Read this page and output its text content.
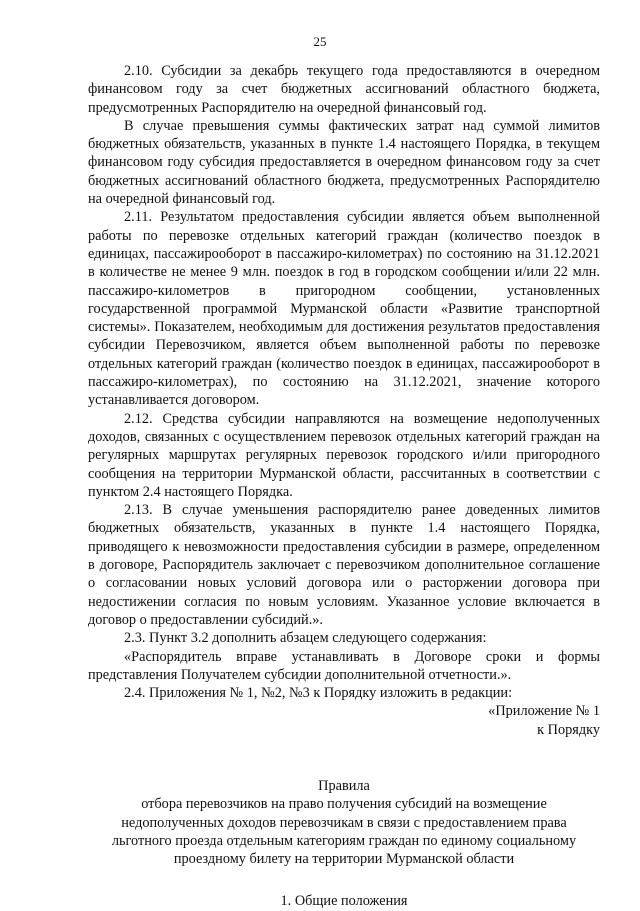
25

2.10. Субсидии за декабрь текущего года предоставляются в очередном финансовом году за счет бюджетных ассигнований областного бюджета, предусмотренных Распорядителю на очередной финансовый год.

В случае превышения суммы фактических затрат над суммой лимитов бюджетных обязательств, указанных в пункте 1.4 настоящего Порядка, в текущем финансовом году субсидия предоставляется в очередном финансовом году за счет бюджетных ассигнований областного бюджета, предусмотренных Распорядителю на очередной финансовый год.

2.11. Результатом предоставления субсидии является объем выполненной работы по перевозке отдельных категорий граждан (количество поездок в единицах, пассажирооборот в пассажиро-километрах) по состоянию на 31.12.2021 в количестве не менее 9 млн. поездок в год в городском сообщении и/или 22 млн. пассажиро-километров в пригородном сообщении, установленных государственной программой Мурманской области «Развитие транспортной системы». Показателем, необходимым для достижения результатов предоставления субсидии Перевозчиком, является объем выполненной работы по перевозке отдельных категорий граждан (количество поездок в единицах, пассажирооборот в пассажиро-километрах), по состоянию на 31.12.2021, значение которого устанавливается договором.

2.12. Средства субсидии направляются на возмещение недополученных доходов, связанных с осуществлением перевозок отдельных категорий граждан на регулярных маршрутах регулярных перевозок городского и/или пригородного сообщения на территории Мурманской области, рассчитанных в соответствии с пунктом 2.4 настоящего Порядка.

2.13. В случае уменьшения распорядителю ранее доведенных лимитов бюджетных обязательств, указанных в пункте 1.4 настоящего Порядка, приводящего к невозможности предоставления субсидии в размере, определенном в договоре, Распорядитель заключает с перевозчиком дополнительное соглашение о согласовании новых условий договора или о расторжении договора при недостижении согласия по новым условиям. Указанное условие включается в договор о предоставлении субсидий.».

2.3. Пункт 3.2 дополнить абзацем следующего содержания:

«Распорядитель вправе устанавливать в Договоре сроки и формы представления Получателем субсидии дополнительной отчетности.».

2.4. Приложения № 1, №2, №3 к Порядку изложить в редакции:

«Приложение № 1

к Порядку

Правила

отбора перевозчиков на право получения субсидий на возмещение недополученных доходов перевозчикам в связи с предоставлением права льготного проезда отдельным категориям граждан по единому социальному проездному билету на территории Мурманской области

1. Общие положения
